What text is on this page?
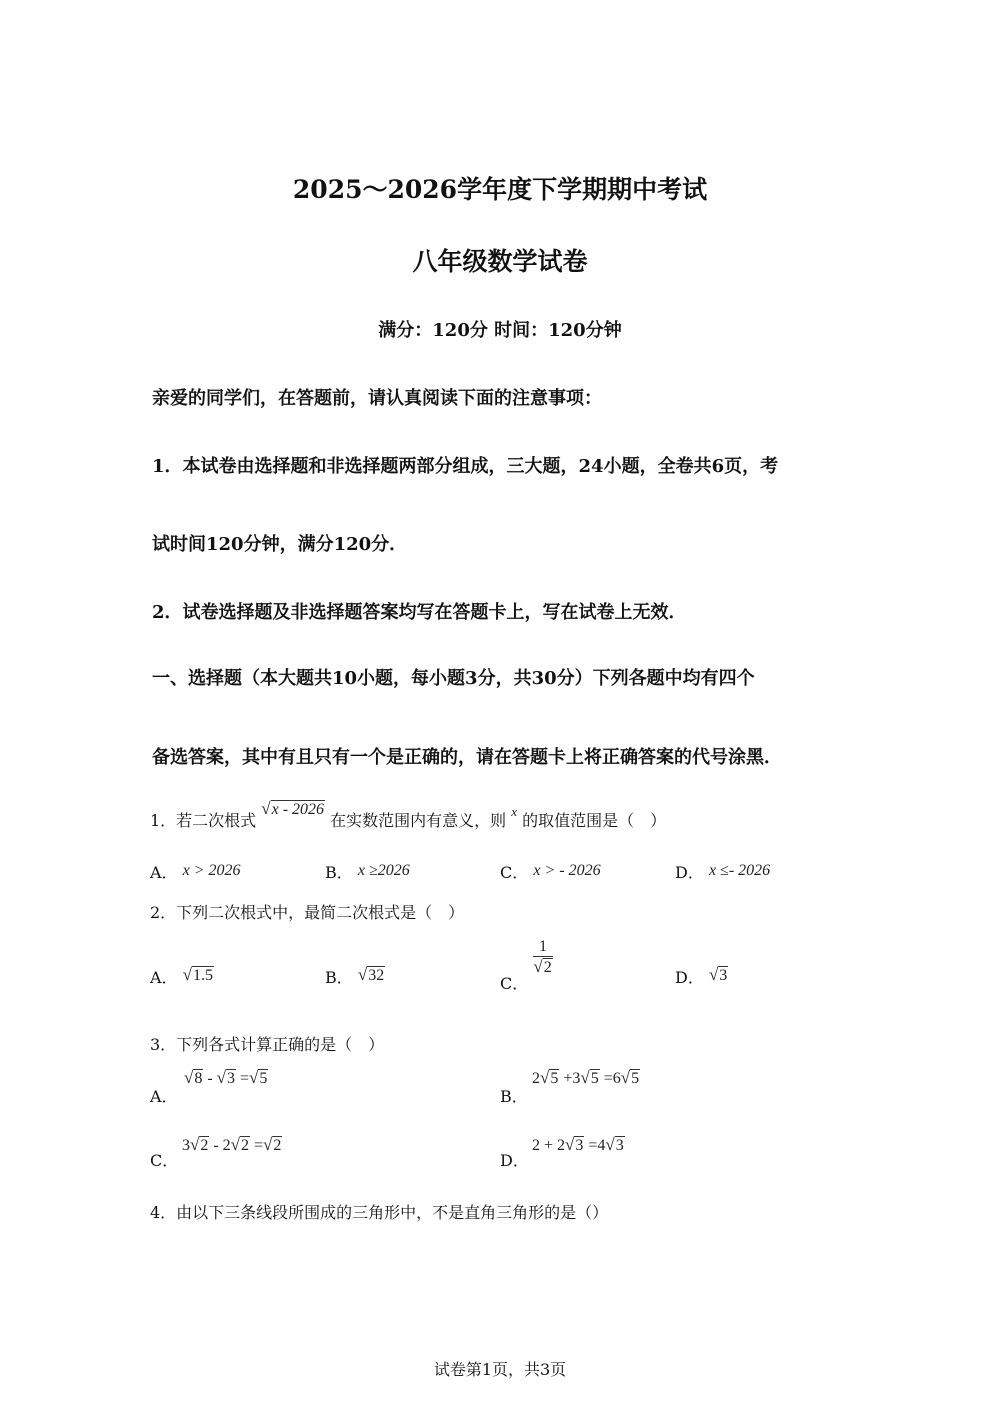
2025～2026学年度下学期期中考试
八年级数学试卷
满分：120分 时间：120分钟
亲爱的同学们，在答题前，请认真阅读下面的注意事项：
1．本试卷由选择题和非选择题两部分组成，三大题，24小题，全卷共6页，考
试时间120分钟，满分120分．
2．试卷选择题及非选择题答案均写在答题卡上，写在试卷上无效．
一、选择题（本大题共10小题，每小题3分，共30分）下列各题中均有四个
备选答案，其中有且只有一个是正确的，请在答题卡上将正确答案的代号涂黑．
1．若二次根式 √x - 2026 在实数范围内有意义，则 $^x$ 的取值范围是（　）
A． x > 2026	B． x ≥2026	C． x > - 2026	D． x ≤- 2026
2．下列二次根式中，最简二次根式是（　）
A． √1.5	B． √32	C．
$\frac{1}{√2}$
D． √3
3．下列各式计算正确的是（　）
A．
√8 - √3 =√5
B．
2√5 +3√5 =6√5
C．
3√2 - 2√2 =√2
D．
2 + 2√3 =4√3
4．由以下三条线段所围成的三角形中，不是直角三角形的是（）
试卷第1页，共3页
